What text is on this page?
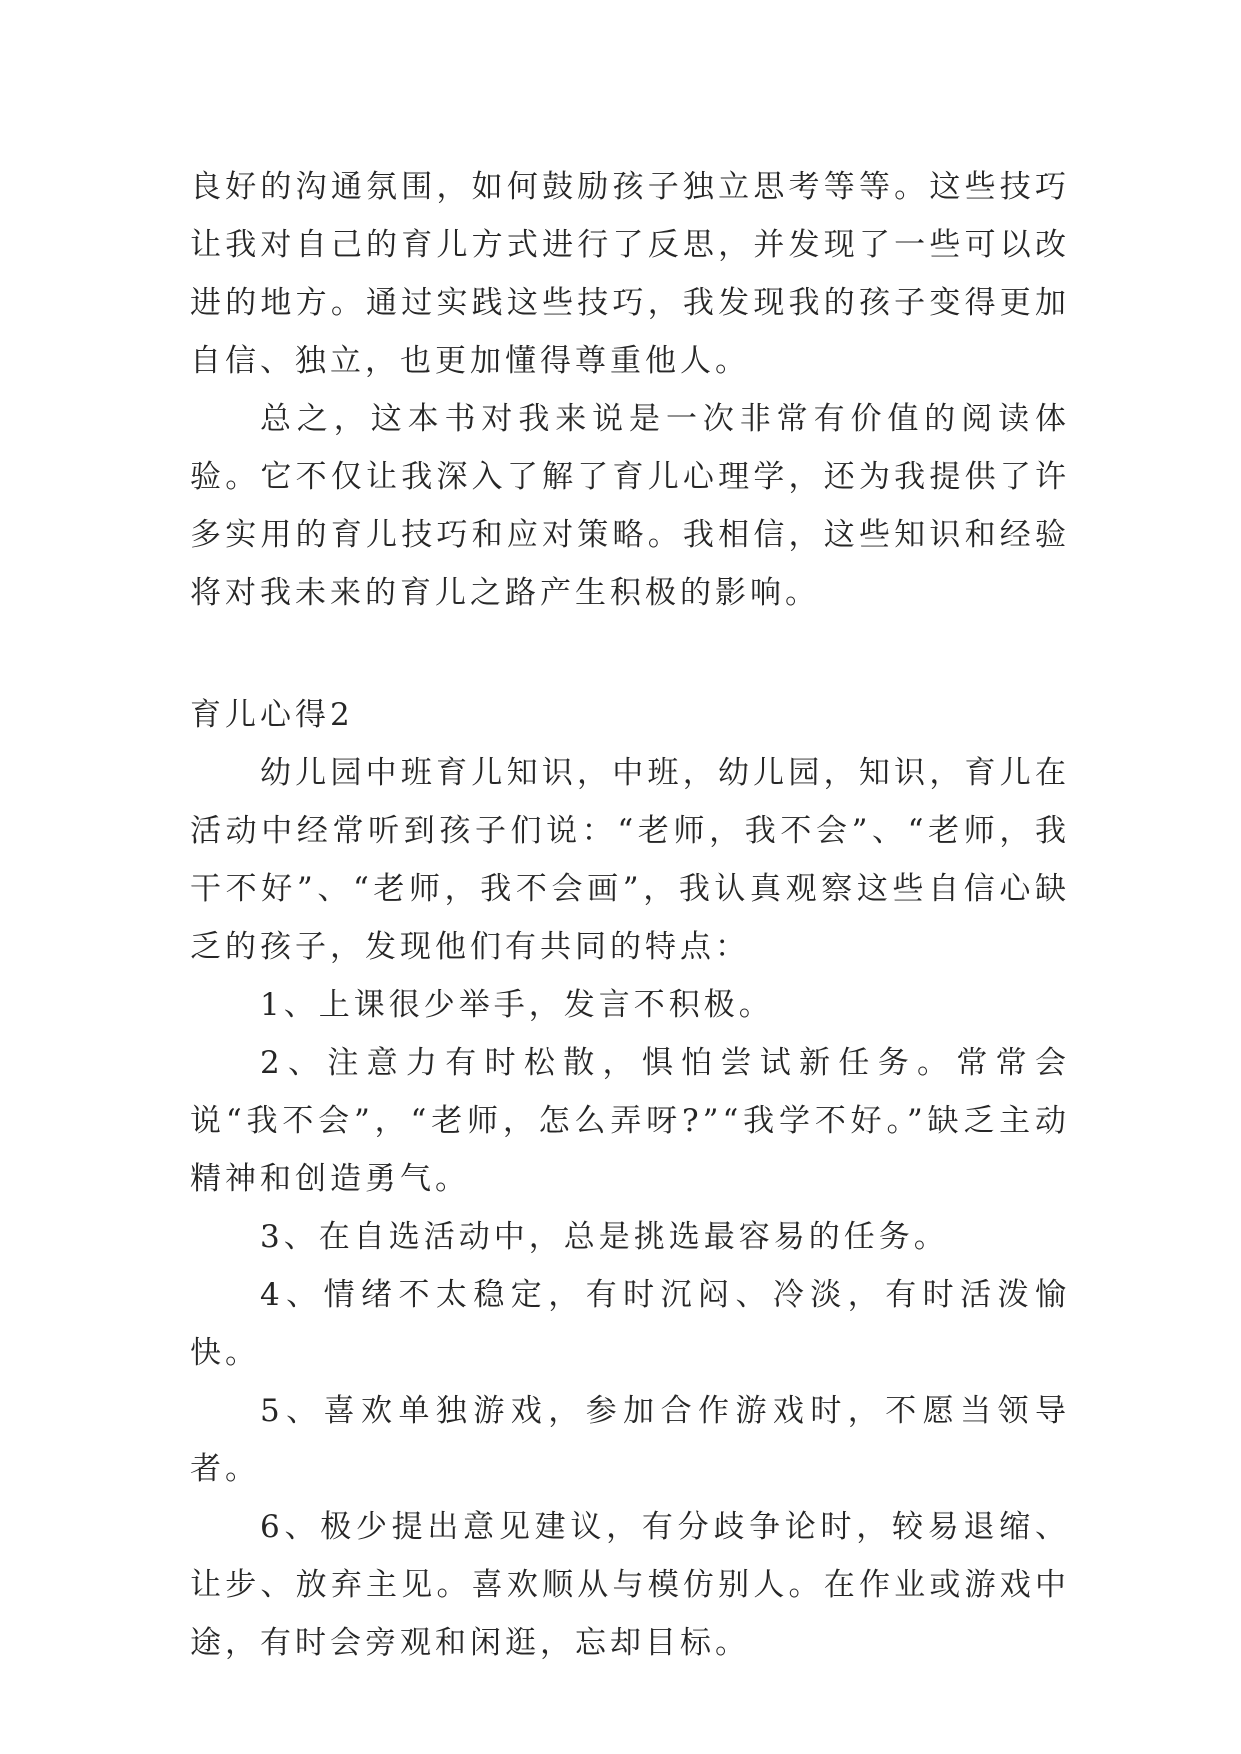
良好的沟通氛围，如何鼓励孩子独立思考等等。这些技巧让我对自己的育儿方式进行了反思，并发现了一些可以改进的地方。通过实践这些技巧，我发现我的孩子变得更加自信、独立，也更加懂得尊重他人。

总之，这本书对我来说是一次非常有价值的阅读体验。它不仅让我深入了解了育儿心理学，还为我提供了许多实用的育儿技巧和应对策略。我相信，这些知识和经验将对我未来的育儿之路产生积极的影响。

育儿心得2

幼儿园中班育儿知识，中班，幼儿园，知识，育儿在活动中经常听到孩子们说：“老师，我不会”、“老师，我干不好”、“老师，我不会画”，我认真观察这些自信心缺乏的孩子，发现他们有共同的特点：

1、上课很少举手，发言不积极。

2、注意力有时松散，惧怕尝试新任务。常常会说“我不会”，“老师，怎么弄呀?”“我学不好。”缺乏主动精神和创造勇气。

3、在自选活动中，总是挑选最容易的任务。

4、情绪不太稳定，有时沉闷、冷淡，有时活泼愉快。

5、喜欢单独游戏，参加合作游戏时，不愿当领导者。

6、极少提出意见建议，有分歧争论时，较易退缩、让步、放弃主见。喜欢顺从与模仿别人。在作业或游戏中途，有时会旁观和闲逛，忘却目标。
